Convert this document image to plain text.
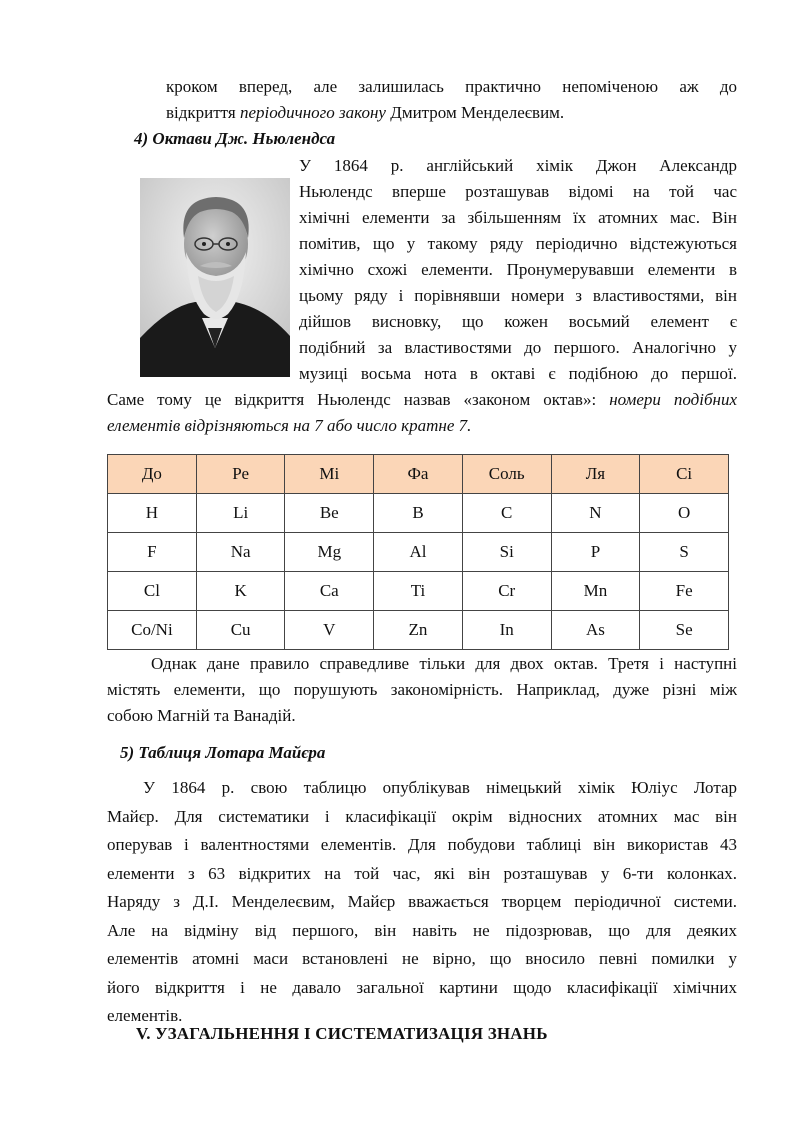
кроком вперед, але залишилась практично непоміченою аж до
відкриття періодичного закону Дмитром Менделеєвим.
4) Октави Дж. Ньюлендса
У 1864 р. англійський хімік Джон Александр
Ньюлендс вперше розташував відомі на той час
хімічні елементи за збільшенням їх атомних мас. Він
помітив, що у такому ряду періодично відстежуються
хімічно схожі елементи. Пронумерувавши елементи в
цьому ряду і порівнявши номери з властивостями, він
дійшов висновку, що кожен восьмий елемент є
подібний за властивостями до першого. Аналогічно у
музиці восьма нота в октаві є подібною до першої.
Саме тому це відкриття Ньюлендс назвав «законом октав»: номери подібних
елементів відрізняються на 7 або число кратне 7.
До	Ре	Мі	Фа	Соль	Ля	Сі
H	Li	Be	B	C	N	O
F	Na	Mg	Al	Si	P	S
Cl	K	Ca	Ti	Cr	Mn	Fe
Co/Ni	Cu	V	Zn	In	As	Se
Однак дане правило справедливе тільки для двох октав. Третя і наступні
містять елементи, що порушують закономірність. Наприклад, дуже різні між
собою Магній та Ванадій.
5) Таблиця Лотара Майєра
У 1864 р. свою таблицю опублікував німецький хімік Юліус Лотар
Майєр. Для систематики і класифікації окрім відносних атомних мас він
оперував і валентностями елементів. Для побудови таблиці він використав 43
елементи з 63 відкритих на той час, які він розташував у 6-ти колонках.
Наряду з Д.І. Менделеєвим, Майєр вважається творцем періодичної системи.
Але на відміну від першого, він навіть не підозрював, що для деяких
елементів атомні маси встановлені не вірно, що вносило певні помилки у
його відкриття і не давало загальної картини щодо класифікації хімічних
елементів.
V. УЗАГАЛЬНЕННЯ І СИСТЕМАТИЗАЦІЯ ЗНАНЬ
